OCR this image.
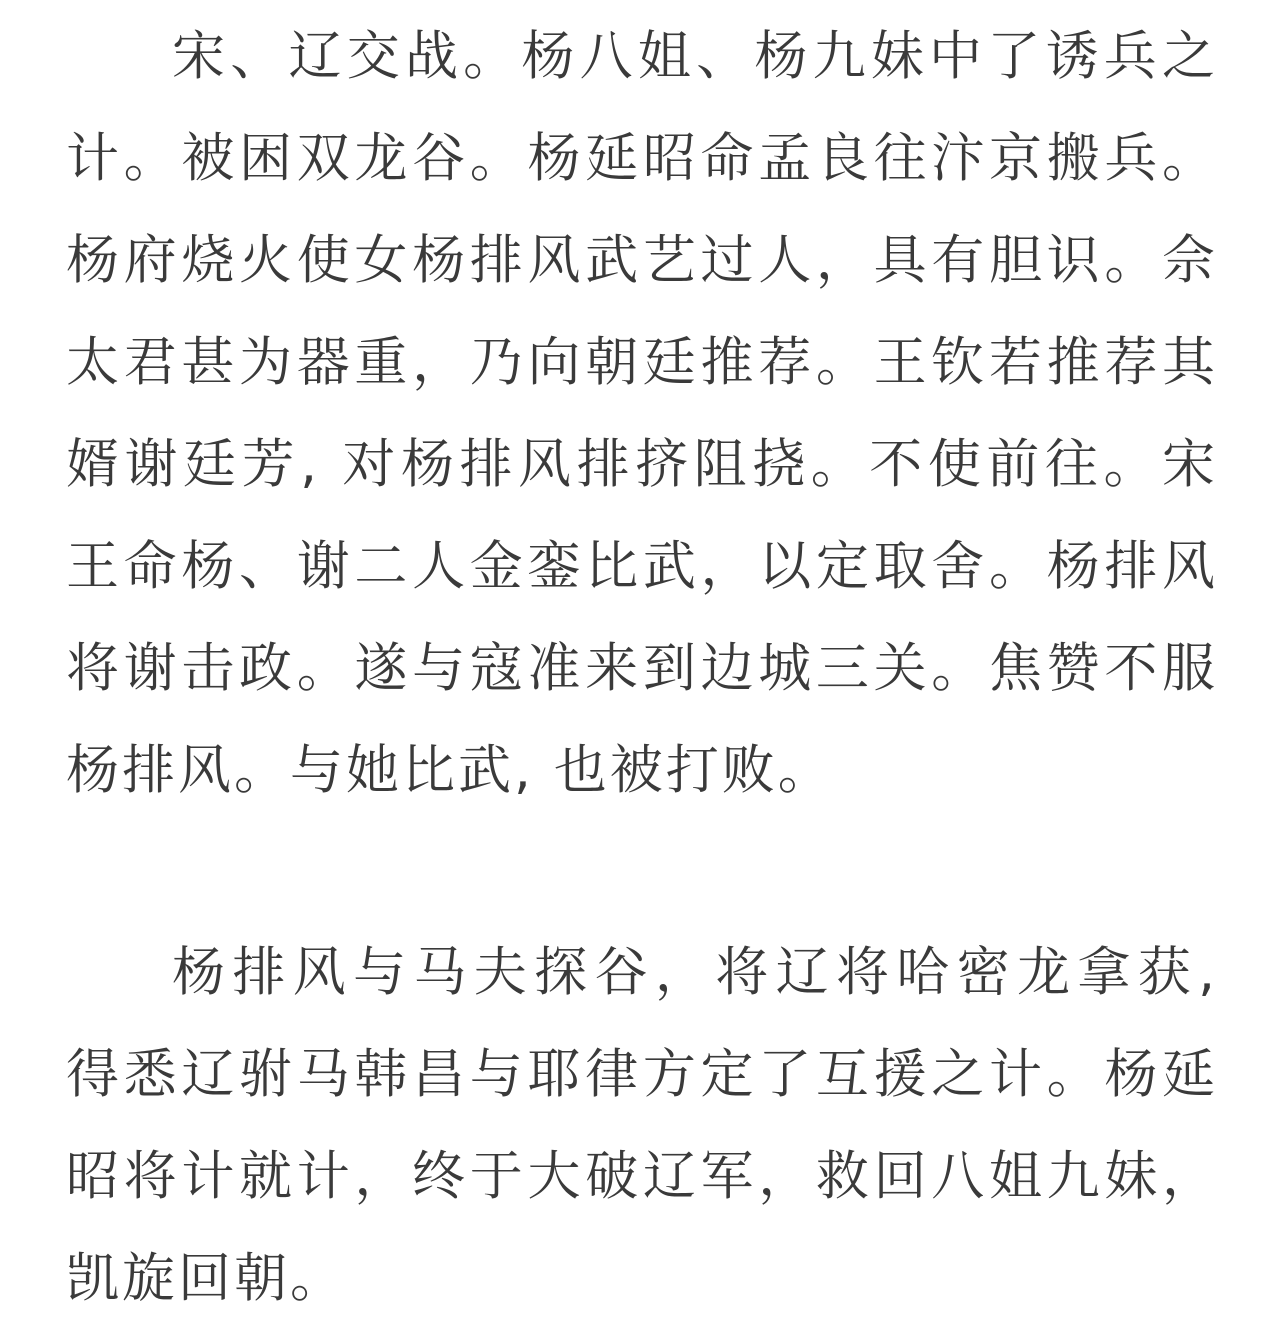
宋、辽交战。杨八姐、杨九妹中了诱兵之计。被困双龙谷。杨延昭命孟良往汴京搬兵。杨府烧火使女杨排风武艺过人，具有胆识。佘太君甚为器重，乃向朝廷推荐。王钦若推荐其婿谢廷芳, 对杨排风排挤阻挠。不使前往。宋王命杨、谢二人金銮比武，以定取舍。杨排风将谢击政。遂与寇准来到边城三关。焦赞不服杨排风。与她比武, 也被打败。

杨排风与马夫探谷，将辽将哈密龙拿获, 得悉辽驸马韩昌与耶律方定了互援之计。杨延昭将计就计，终于大破辽军，救回八姐九妹，凯旋回朝。
